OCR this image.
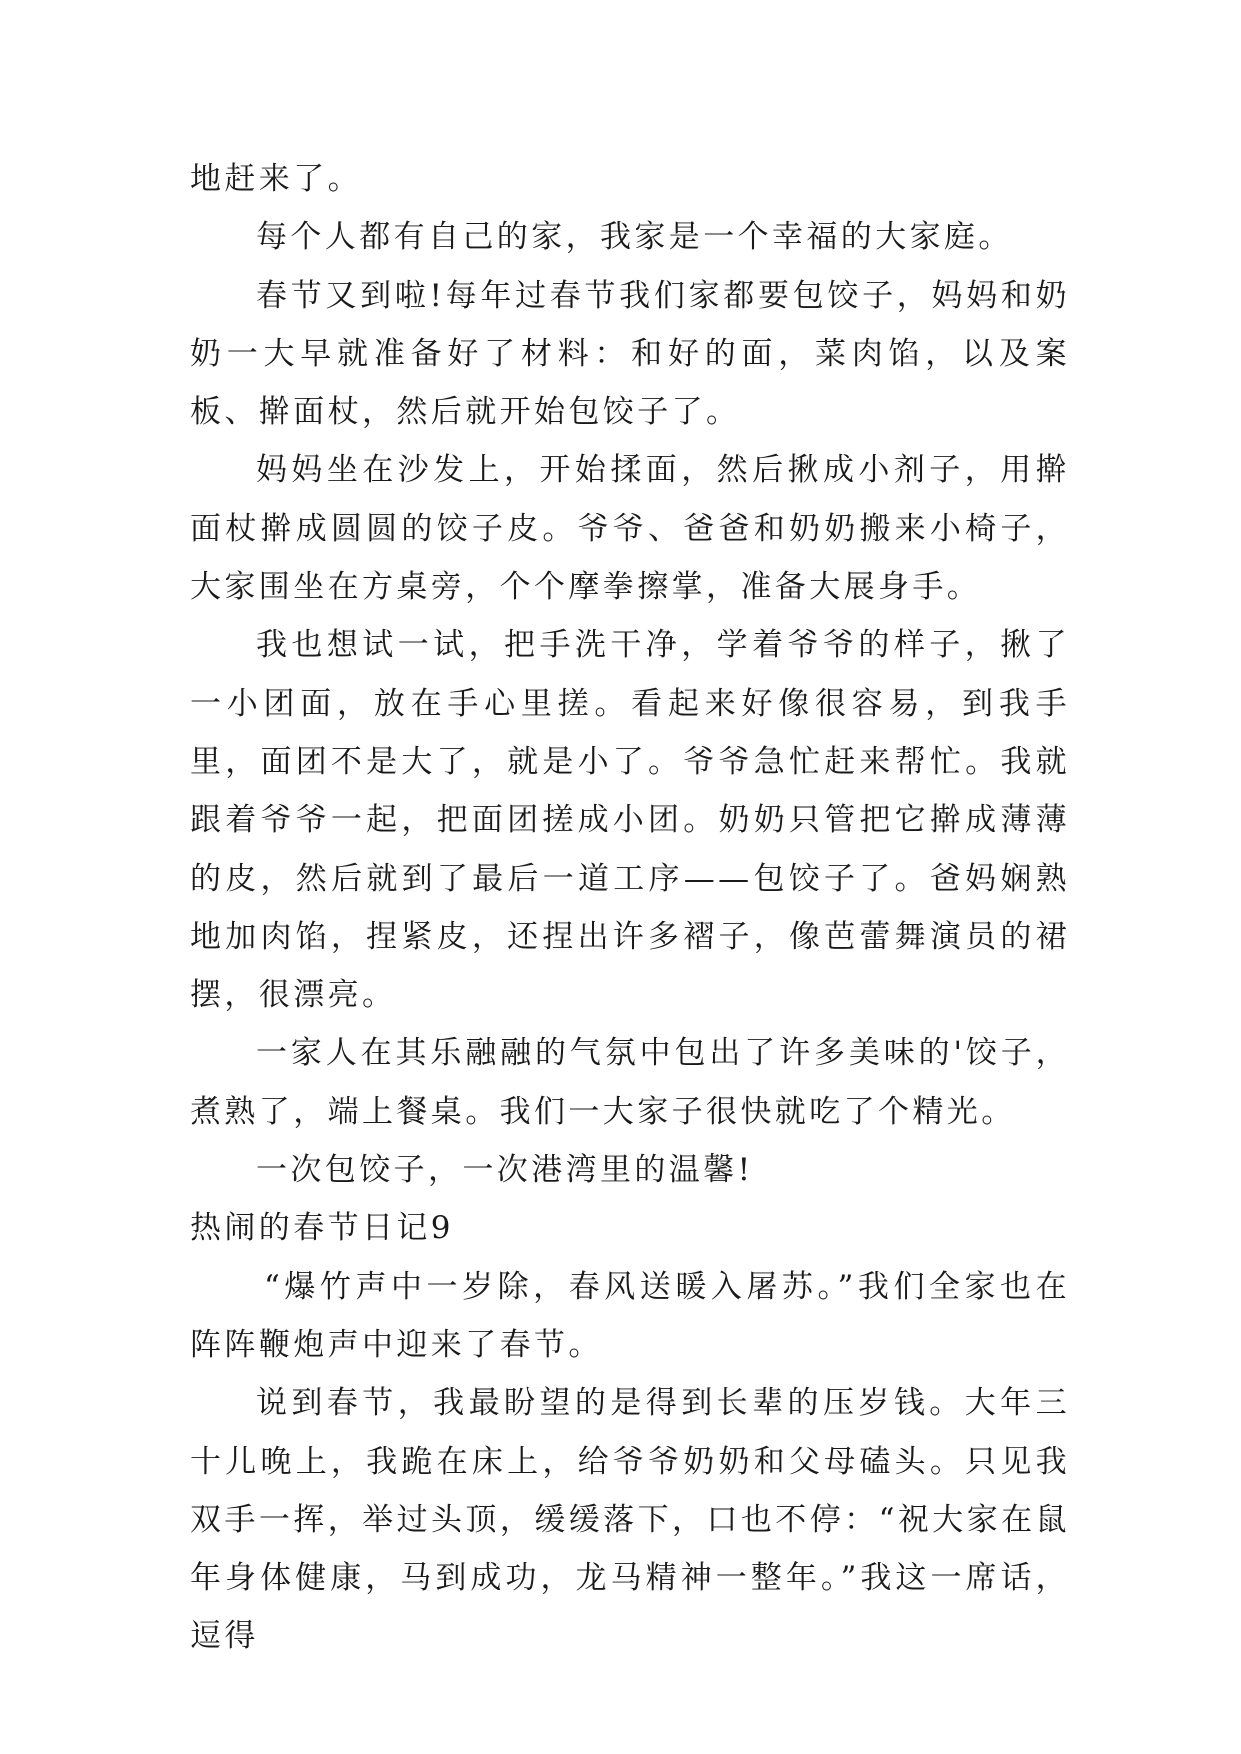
地赶来了。

每个人都有自己的家，我家是一个幸福的大家庭。

春节又到啦!每年过春节我们家都要包饺子，妈妈和奶奶一大早就准备好了材料：和好的面，菜肉馅，以及案板、擀面杖，然后就开始包饺子了。

妈妈坐在沙发上，开始揉面，然后揪成小剂子，用擀面杖擀成圆圆的饺子皮。爷爷、爸爸和奶奶搬来小椅子，大家围坐在方桌旁，个个摩拳擦掌，准备大展身手。

我也想试一试，把手洗干净，学着爷爷的样子，揪了一小团面，放在手心里搓。看起来好像很容易，到我手里，面团不是大了，就是小了。爷爷急忙赶来帮忙。我就跟着爷爷一起，把面团搓成小团。奶奶只管把它擀成薄薄的皮，然后就到了最后一道工序——包饺子了。爸妈娴熟地加肉馅，捏紧皮，还捏出许多褶子，像芭蕾舞演员的裙摆，很漂亮。

一家人在其乐融融的气氛中包出了许多美味的'饺子，煮熟了，端上餐桌。我们一大家子很快就吃了个精光。

一次包饺子，一次港湾里的温馨!

热闹的春节日记9

“爆竹声中一岁除，春风送暖入屠苏。”我们全家也在阵阵鞭炮声中迎来了春节。

说到春节，我最盼望的是得到长辈的压岁钱。大年三十儿晚上，我跪在床上，给爷爷奶奶和父母磕头。只见我双手一挥，举过头顶，缓缓落下，口也不停：“祝大家在鼠年身体健康，马到成功，龙马精神一整年。”我这一席话，逗得
